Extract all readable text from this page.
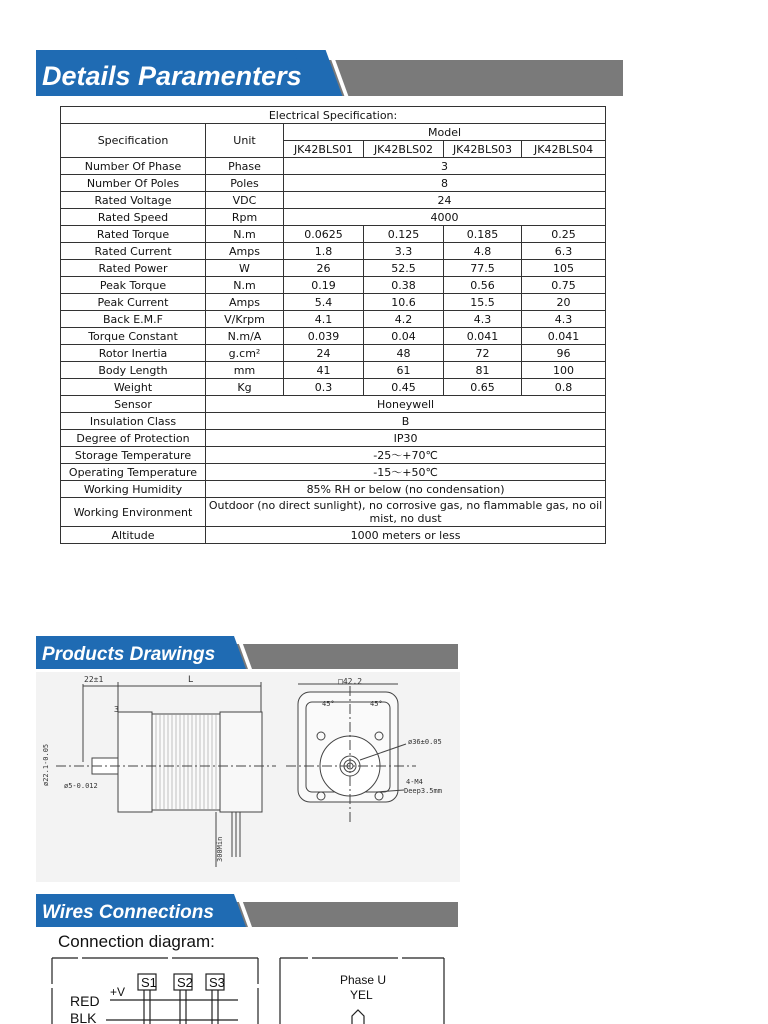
Details Paramenters
Electrical Specification:					
Specification	Unit	Model			
		JK42BLS01	JK42BLS02	JK42BLS03	JK42BLS04
Number Of Phase	Phase	3			
Number Of Poles	Poles	8			
Rated Voltage	VDC	24			
Rated Speed	Rpm	4000			
Rated Torque	N.m	0.0625	0.125	0.185	0.25
Rated Current	Amps	1.8	3.3	4.8	6.3
Rated Power	W	26	52.5	77.5	105
Peak Torque	N.m	0.19	0.38	0.56	0.75
Peak Current	Amps	5.4	10.6	15.5	20
Back E.M.F	V/Krpm	4.1	4.2	4.3	4.3
Torque Constant	N.m/A	0.039	0.04	0.041	0.041
Rotor Inertia	g.cm²	24	48	72	96
Body Length	mm	41	61	81	100
Weight	Kg	0.3	0.45	0.65	0.8
Sensor	Honeywell				
Insulation Class	B				
Degree of Protection	IP30				
Storage Temperature	-25～+70℃				
Operating Temperature	-15～+50℃				
Working Humidity	85% RH or below (no condensation)				
Working Environment	Outdoor (no direct sunlight), no corrosive gas, no flammable gas, no oil mist, no dust				
Altitude	1000 meters or less				
Products Drawings
22±1	L
3
ø22.1-0.05 ø5-0.012
300Min
□42.2
45°	45°
ø36±0.05
4-M4
Deep3.5mm
Wires Connections
Connection diagram:
S1 S2 S3
+V
RED
BLK
Phase U
YEL
